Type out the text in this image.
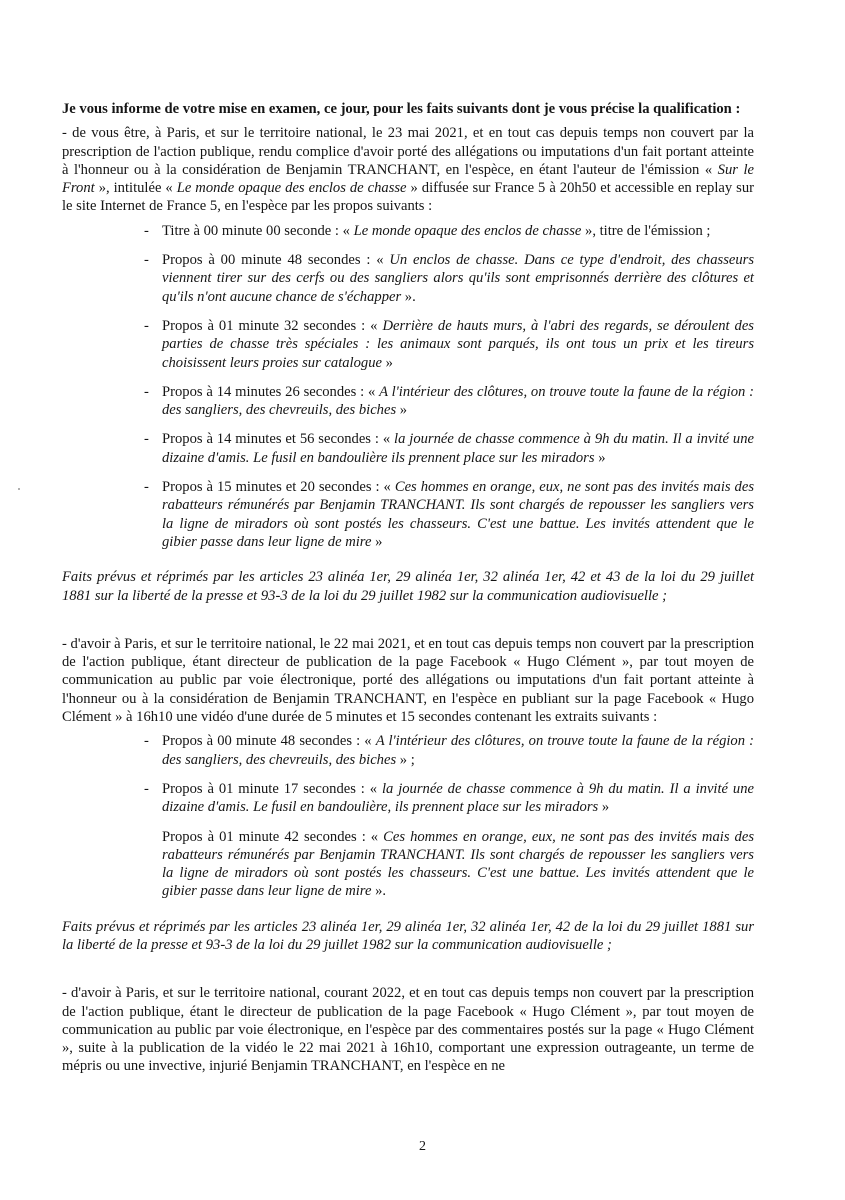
Je vous informe de votre mise en examen, ce jour, pour les faits suivants dont je vous précise la qualification :

- de vous être, à Paris, et sur le territoire national, le 23 mai 2021, et en tout cas depuis temps non couvert par la prescription de l'action publique, rendu complice d'avoir porté des allégations ou imputations d'un fait portant atteinte à l'honneur ou à la considération de Benjamin TRANCHANT, en l'espèce, en étant l'auteur de l'émission « Sur le Front », intitulée « Le monde opaque des enclos de chasse » diffusée sur France 5 à 20h50 et accessible en replay sur le site Internet de France 5, en l'espèce par les propos suivants :

- Titre à 00 minute 00 seconde : « Le monde opaque des enclos de chasse », titre de l'émission ;
- Propos à 00 minute 48 secondes : « Un enclos de chasse. Dans ce type d'endroit, des chasseurs viennent tirer sur des cerfs ou des sangliers alors qu'ils sont emprisonnés derrière des clôtures et qu'ils n'ont aucune chance de s'échapper ».
- Propos à 01 minute 32 secondes : « Derrière de hauts murs, à l'abri des regards, se déroulent des parties de chasse très spéciales : les animaux sont parqués, ils ont tous un prix et les tireurs choisissent leurs proies sur catalogue »
- Propos à 14 minutes 26 secondes : « A l'intérieur des clôtures, on trouve toute la faune de la région : des sangliers, des chevreuils, des biches »
- Propos à 14 minutes et 56 secondes : « la journée de chasse commence à 9h du matin. Il a invité une dizaine d'amis. Le fusil en bandoulière ils prennent place sur les miradors »
- Propos à 15 minutes et 20 secondes : « Ces hommes en orange, eux, ne sont pas des invités mais des rabatteurs rémunérés par Benjamin TRANCHANT. Ils sont chargés de repousser les sangliers vers la ligne de miradors où sont postés les chasseurs. C'est une battue. Les invités attendent que le gibier passe dans leur ligne de mire »

Faits prévus et réprimés par les articles 23 alinéa 1er, 29 alinéa 1er, 32 alinéa 1er, 42 et 43 de la loi du 29 juillet 1881 sur la liberté de la presse et 93-3 de la loi du 29 juillet 1982 sur la communication audiovisuelle ;

- d'avoir à Paris, et sur le territoire national, le 22 mai 2021, et en tout cas depuis temps non couvert par la prescription de l'action publique, étant directeur de publication de la page Facebook « Hugo Clément », par tout moyen de communication au public par voie électronique, porté des allégations ou imputations d'un fait portant atteinte à l'honneur ou à la considération de Benjamin TRANCHANT, en l'espèce en publiant sur la page Facebook « Hugo Clément » à 16h10 une vidéo d'une durée de 5 minutes et 15 secondes contenant les extraits suivants :

- Propos à 00 minute 48 secondes : « A l'intérieur des clôtures, on trouve toute la faune de la région : des sangliers, des chevreuils, des biches » ;
- Propos à 01 minute 17 secondes : « la journée de chasse commence à 9h du matin. Il a invité une dizaine d'amis. Le fusil en bandoulière, ils prennent place sur les miradors »
Propos à 01 minute 42 secondes : « Ces hommes en orange, eux, ne sont pas des invités mais des rabatteurs rémunérés par Benjamin TRANCHANT. Ils sont chargés de repousser les sangliers vers la ligne de miradors où sont postés les chasseurs. C'est une battue. Les invités attendent que le gibier passe dans leur ligne de mire ».

Faits prévus et réprimés par les articles 23 alinéa 1er, 29 alinéa 1er, 32 alinéa 1er, 42 de la loi du 29 juillet 1881 sur la liberté de la presse et 93-3 de la loi du 29 juillet 1982 sur la communication audiovisuelle ;

- d'avoir à Paris, et sur le territoire national, courant 2022, et en tout cas depuis temps non couvert par la prescription de l'action publique, étant le directeur de publication de la page Facebook « Hugo Clément », par tout moyen de communication au public par voie électronique, en l'espèce par des commentaires postés sur la page « Hugo Clément », suite à la publication de la vidéo le 22 mai 2021 à 16h10, comportant une expression outrageante, un terme de mépris ou une invective, injurié Benjamin TRANCHANT, en l'espèce en ne

2
